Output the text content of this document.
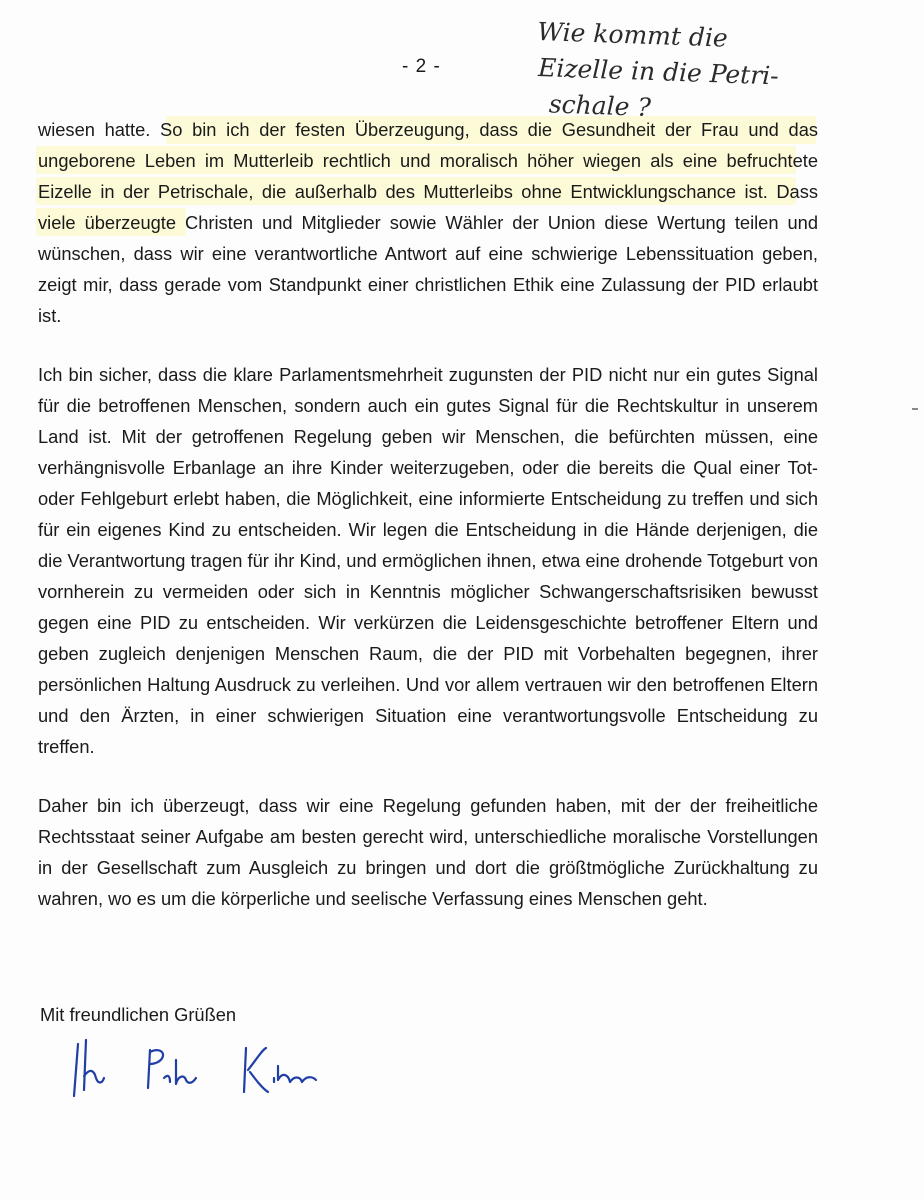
- 2 -
Wie kommt die
Eizelle in die Petri-
schale ?

wiesen hatte. So bin ich der festen Überzeugung, dass die Gesundheit der Frau und das ungeborene Leben im Mutterleib rechtlich und moralisch höher wiegen als eine befruchtete Eizelle in der Petrischale, die außerhalb des Mutterleibs ohne Entwicklungschance ist. Dass viele überzeugte Christen und Mitglieder sowie Wähler der Union diese Wertung teilen und wünschen, dass wir eine verantwortliche Antwort auf eine schwierige Lebenssituation geben, zeigt mir, dass gerade vom Standpunkt einer christlichen Ethik eine Zulassung der PID erlaubt ist.

Ich bin sicher, dass die klare Parlamentsmehrheit zugunsten der PID nicht nur ein gutes Signal für die betroffenen Menschen, sondern auch ein gutes Signal für die Rechtskultur in unserem Land ist. Mit der getroffenen Regelung geben wir Menschen, die befürchten müssen, eine verhängnisvolle Erbanlage an ihre Kinder weiterzugeben, oder die bereits die Qual einer Tot- oder Fehlgeburt erlebt haben, die Möglichkeit, eine informierte Entscheidung zu treffen und sich für ein eigenes Kind zu entscheiden. Wir legen die Entscheidung in die Hände derjenigen, die die Verantwortung tragen für ihr Kind, und ermöglichen ihnen, etwa eine drohende Totgeburt von vornherein zu vermeiden oder sich in Kenntnis möglicher Schwangerschaftsrisiken bewusst gegen eine PID zu entscheiden. Wir verkürzen die Leidensgeschichte betroffener Eltern und geben zugleich denjenigen Menschen Raum, die der PID mit Vorbehalten begegnen, ihrer persönlichen Haltung Ausdruck zu verleihen. Und vor allem vertrauen wir den betroffenen Eltern und den Ärzten, in einer schwierigen Situation eine verantwortungsvolle Entscheidung zu treffen.

Daher bin ich überzeugt, dass wir eine Regelung gefunden haben, mit der der freiheitliche Rechtsstaat seiner Aufgabe am besten gerecht wird, unterschiedliche moralische Vorstellungen in der Gesellschaft zum Ausgleich zu bringen und dort die größtmögliche Zurückhaltung zu wahren, wo es um die körperliche und seelische Verfassung eines Menschen geht.

Mit freundlichen Grüßen
